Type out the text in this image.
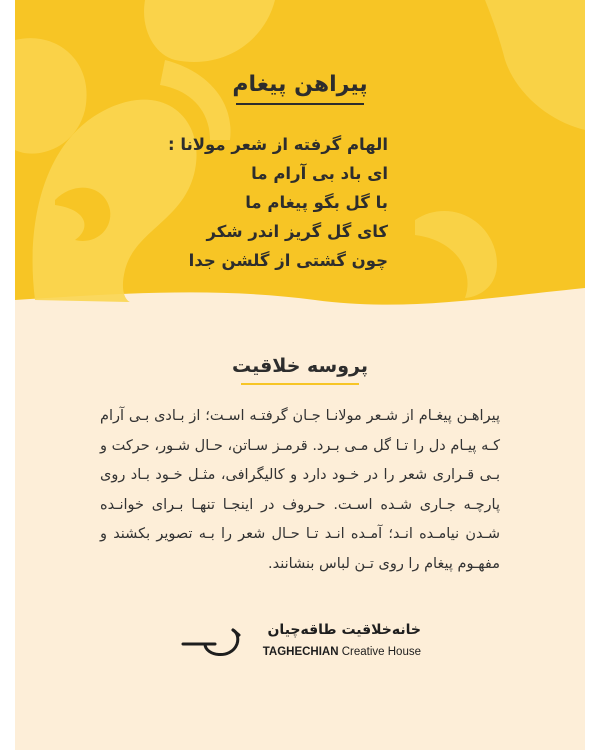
پیراهن پیغام
الهام گرفته از شعر مولانا :
ای باد بی آرام ما
با گل بگو پیغام ما
کای گل گریز اندر شکر
چون گشتی از گلشن جدا
پروسه خلاقیت
پیراهـن پیغـام از شـعر مولانـا جـان گرفتـه اسـت؛ از بـادی بـی آرام کـه پیـام دل را تـا گل مـی بـرد. قرمـز سـاتن، حـال شـور، حرکت و بـی قـراری شعر را در خـود دارد و کالیگرافی، مثـل خـود بـاد روی پارچـه جـاری شـده اسـت. حـروف در اینجـا تنهـا بـرای خوانـده شـدن نیامـده انـد؛ آمـده انـد تـا حـال شعر را بـه تصویر بکشند و مفهـوم پیغام را روی تـن لباس بنشانند.
خانه‌خلاقیت طاقه‌چیان
TAGHECHIAN Creative House
